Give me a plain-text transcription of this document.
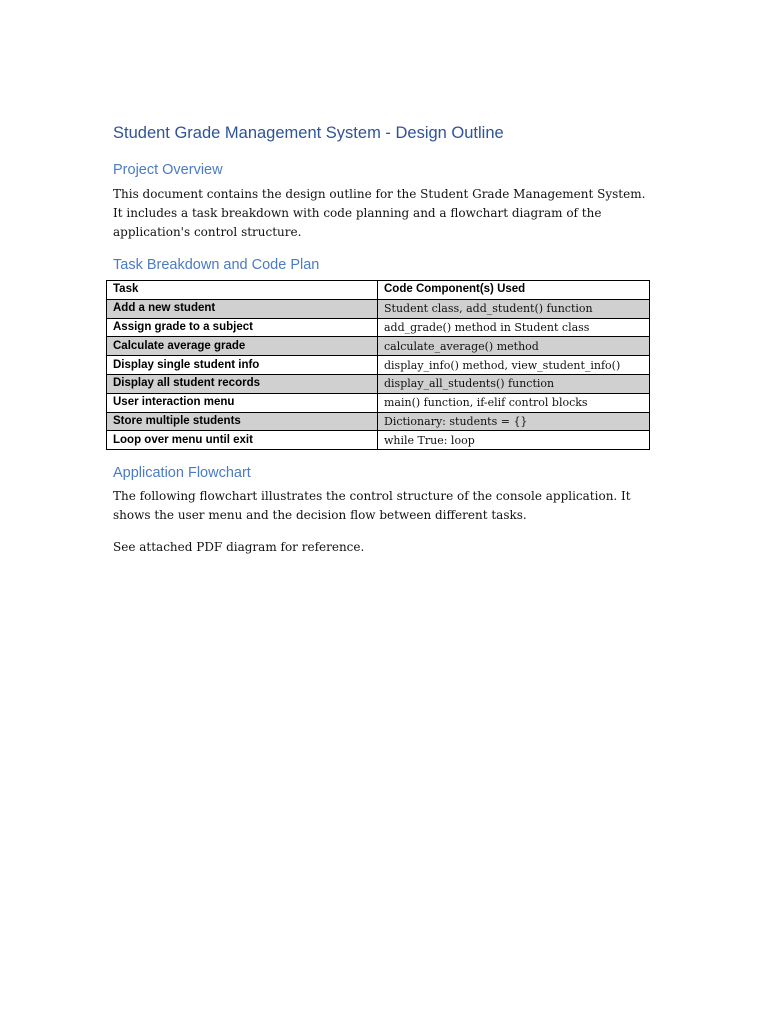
Student Grade Management System - Design Outline
Project Overview

This document contains the design outline for the Student Grade Management System. It includes a task breakdown with code planning and a flowchart diagram of the application's control structure.

Task Breakdown and Code Plan
Task	Code Component(s) Used
Add a new student	Student class, add_student() function
Assign grade to a subject	add_grade() method in Student class
Calculate average grade	calculate_average() method
Display single student info	display_info() method, view_student_info()
Display all student records	display_all_students() function
User interaction menu	main() function, if-elif control blocks
Store multiple students	Dictionary: students = {}
Loop over menu until exit	while True: loop
Application Flowchart

The following flowchart illustrates the control structure of the console application. It shows the user menu and the decision flow between different tasks.

See attached PDF diagram for reference.
